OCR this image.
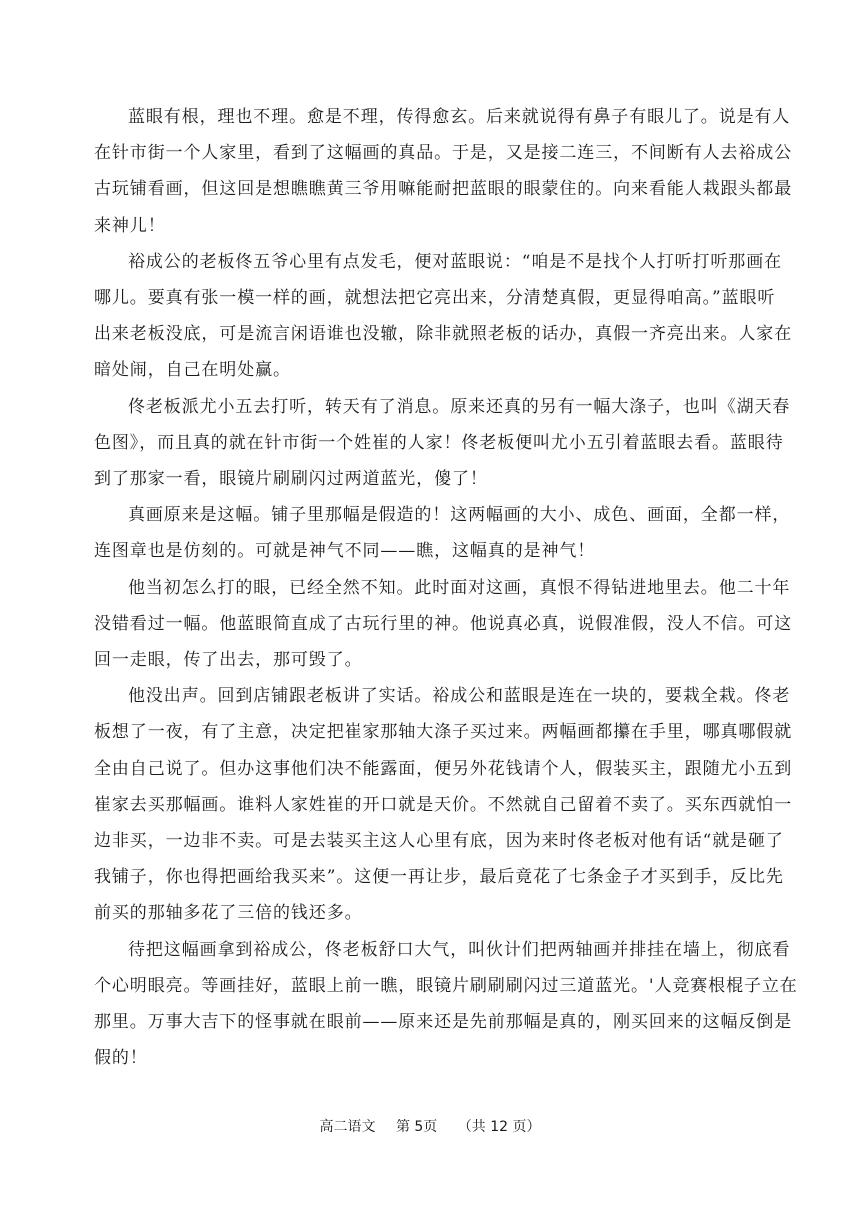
蓝眼有根，理也不理。愈是不理，传得愈玄。后来就说得有鼻子有眼儿了。说是有人
在针市街一个人家里，看到了这幅画的真品。于是，又是接二连三，不间断有人去裕成公
古玩铺看画，但这回是想瞧瞧黄三爷用嘛能耐把蓝眼的眼蒙住的。向来看能人栽跟头都最
来神儿！
裕成公的老板佟五爷心里有点发毛，便对蓝眼说：“咱是不是找个人打听打听那画在
哪儿。要真有张一模一样的画，就想法把它亮出来，分清楚真假，更显得咱高。”蓝眼听
出来老板没底，可是流言闲语谁也没辙，除非就照老板的话办，真假一齐亮出来。人家在
暗处闹，自己在明处赢。
佟老板派尤小五去打听，转天有了消息。原来还真的另有一幅大涤子，也叫《湖天春
色图》，而且真的就在针市街一个姓崔的人家！佟老板便叫尤小五引着蓝眼去看。蓝眼待
到了那家一看，眼镜片刷刷闪过两道蓝光，傻了！
真画原来是这幅。铺子里那幅是假造的！这两幅画的大小、成色、画面，全都一样，
连图章也是仿刻的。可就是神气不同——瞧，这幅真的是神气！
他当初怎么打的眼，已经全然不知。此时面对这画，真恨不得钻进地里去。他二十年
没错看过一幅。他蓝眼简直成了古玩行里的神。他说真必真，说假准假，没人不信。可这
回一走眼，传了出去，那可毁了。
他没出声。回到店铺跟老板讲了实话。裕成公和蓝眼是连在一块的，要栽全栽。佟老
板想了一夜，有了主意，决定把崔家那轴大涤子买过来。两幅画都攥在手里，哪真哪假就
全由自己说了。但办这事他们决不能露面，便另外花钱请个人，假装买主，跟随尤小五到
崔家去买那幅画。谁料人家姓崔的开口就是天价。不然就自己留着不卖了。买东西就怕一
边非买，一边非不卖。可是去装买主这人心里有底，因为来时佟老板对他有话“就是砸了
我铺子，你也得把画给我买来”。这便一再让步，最后竟花了七条金子才买到手，反比先
前买的那轴多花了三倍的钱还多。
待把这幅画拿到裕成公，佟老板舒口大气，叫伙计们把两轴画并排挂在墙上，彻底看
个心明眼亮。等画挂好，蓝眼上前一瞧，眼镜片刷刷刷闪过三道蓝光。'人竞赛根棍子立在
那里。万事大吉下的怪事就在眼前——原来还是先前那幅是真的，刚买回来的这幅反倒是
假的！
高二语文 第 5页 （共 12 页）
